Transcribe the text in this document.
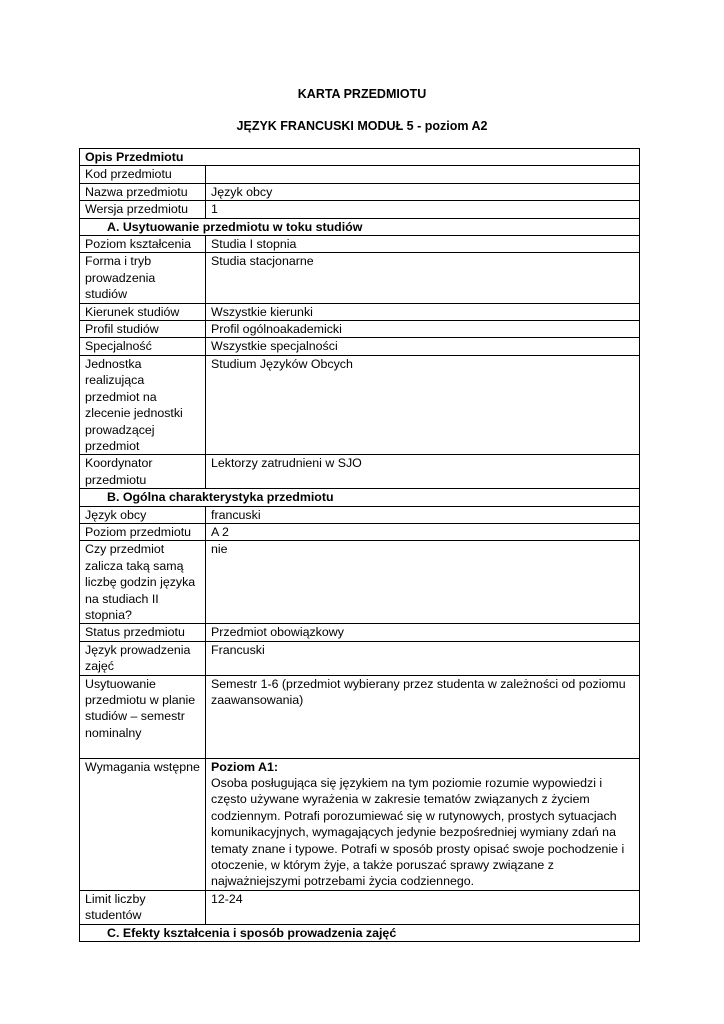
KARTA PRZEDMIOTU
JĘZYK FRANCUSKI MODUŁ 5 - poziom A2
Opis Przedmiotu	
Kod przedmiotu	
Nazwa przedmiotu	Język obcy
Wersja przedmiotu	1
A. Usytuowanie przedmiotu w toku studiów	
Poziom kształcenia	Studia I stopnia
Forma i tryb prowadzenia studiów	Studia stacjonarne
Kierunek studiów	Wszystkie kierunki
Profil studiów	Profil ogólnoakademicki
Specjalność	Wszystkie specjalności
Jednostka realizująca przedmiot na zlecenie jednostki prowadzącej przedmiot	Studium Języków Obcych
Koordynator przedmiotu	Lektorzy zatrudnieni w SJO
B. Ogólna charakterystyka przedmiotu	
Język obcy	francuski
Poziom przedmiotu	A 2
Czy przedmiot zalicza taką samą liczbę godzin języka na studiach II stopnia?	nie
Status przedmiotu	Przedmiot obowiązkowy
Język prowadzenia zajęć	Francuski
Usytuowanie przedmiotu w planie studiów – semestr nominalny	Semestr 1-6 (przedmiot wybierany przez studenta w zależności od poziomu zaawansowania)
Wymagania wstępne	Poziom A1:
Osoba posługująca się językiem na tym poziomie rozumie wypowiedzi i często używane wyrażenia w zakresie tematów związanych z życiem codziennym. Potrafi porozumiewać się w rutynowych, prostych sytuacjach komunikacyjnych, wymagających jedynie bezpośredniej wymiany zdań na tematy znane i typowe. Potrafi w sposób prosty opisać swoje pochodzenie i otoczenie, w którym żyje, a także poruszać sprawy związane z najważniejszymi potrzebami życia codziennego.
Limit liczby studentów	12-24
C. Efekty kształcenia i sposób prowadzenia zajęć	
